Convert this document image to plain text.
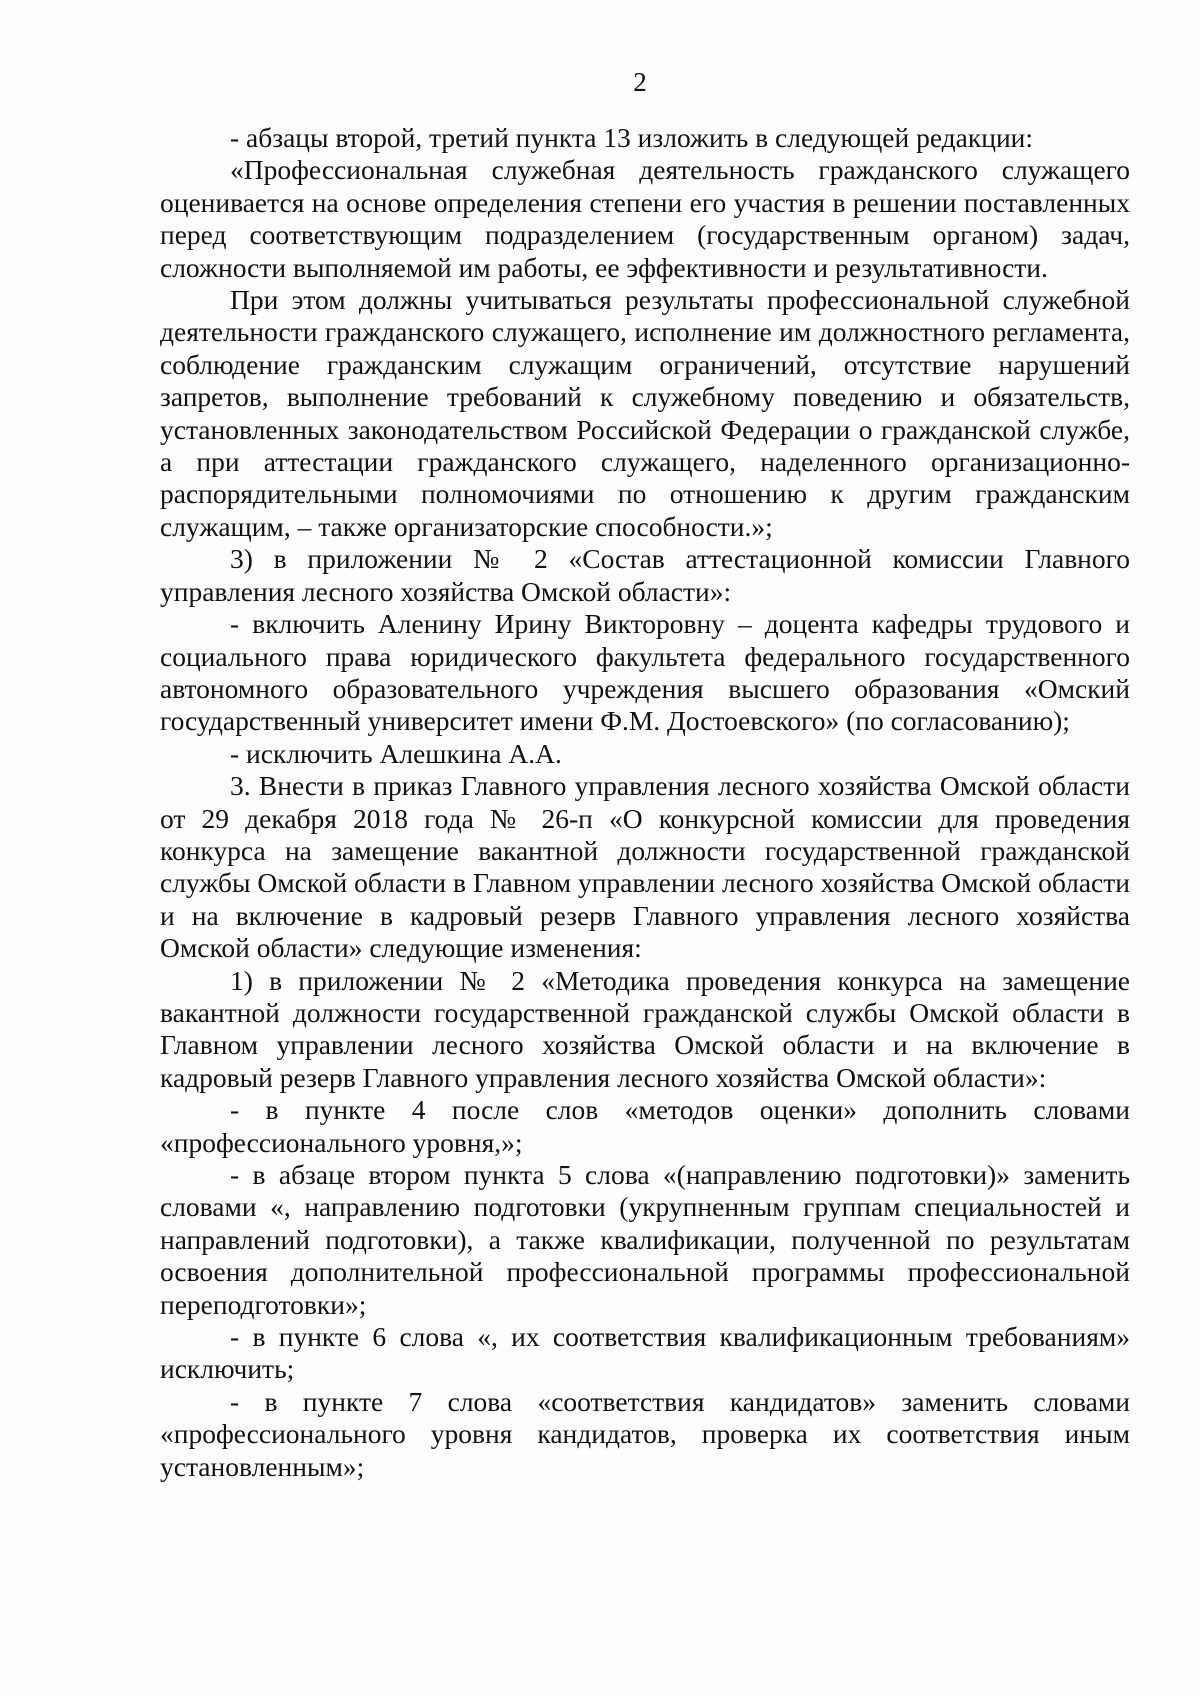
2

- абзацы второй, третий пункта 13 изложить в следующей редакции:

«Профессиональная служебная деятельность гражданского служащего оценивается на основе определения степени его участия в решении поставленных перед соответствующим подразделением (государственным органом) задач, сложности выполняемой им работы, ее эффективности и результативности.

При этом должны учитываться результаты профессиональной служебной деятельности гражданского служащего, исполнение им должностного регламента, соблюдение гражданским служащим ограничений, отсутствие нарушений запретов, выполнение требований к служебному поведению и обязательств, установленных законодательством Российской Федерации о гражданской службе, а при аттестации гражданского служащего, наделенного организационно-распорядительными полномочиями по отношению к другим гражданским служащим, – также организаторские способности.»;

3) в приложении № 2 «Состав аттестационной комиссии Главного управления лесного хозяйства Омской области»:

- включить Аленину Ирину Викторовну – доцента кафедры трудового и социального права юридического факультета федерального государственного автономного образовательного учреждения высшего образования «Омский государственный университет имени Ф.М. Достоевского» (по согласованию);

- исключить Алешкина А.А.

3. Внести в приказ Главного управления лесного хозяйства Омской области от 29 декабря 2018 года № 26-п «О конкурсной комиссии для проведения конкурса на замещение вакантной должности государственной гражданской службы Омской области в Главном управлении лесного хозяйства Омской области и на включение в кадровый резерв Главного управления лесного хозяйства Омской области» следующие изменения:

1) в приложении № 2 «Методика проведения конкурса на замещение вакантной должности государственной гражданской службы Омской области в Главном управлении лесного хозяйства Омской области и на включение в кадровый резерв Главного управления лесного хозяйства Омской области»:

- в пункте 4 после слов «методов оценки» дополнить словами «профессионального уровня,»;

- в абзаце втором пункта 5 слова «(направлению подготовки)» заменить словами «, направлению подготовки (укрупненным группам специальностей и направлений подготовки), а также квалификации, полученной по результатам освоения дополнительной профессиональной программы профессиональной переподготовки»;

- в пункте 6 слова «, их соответствия квалификационным требованиям» исключить;

- в пункте 7 слова «соответствия кандидатов» заменить словами «профессионального уровня кандидатов, проверка их соответствия иным установленным»;
